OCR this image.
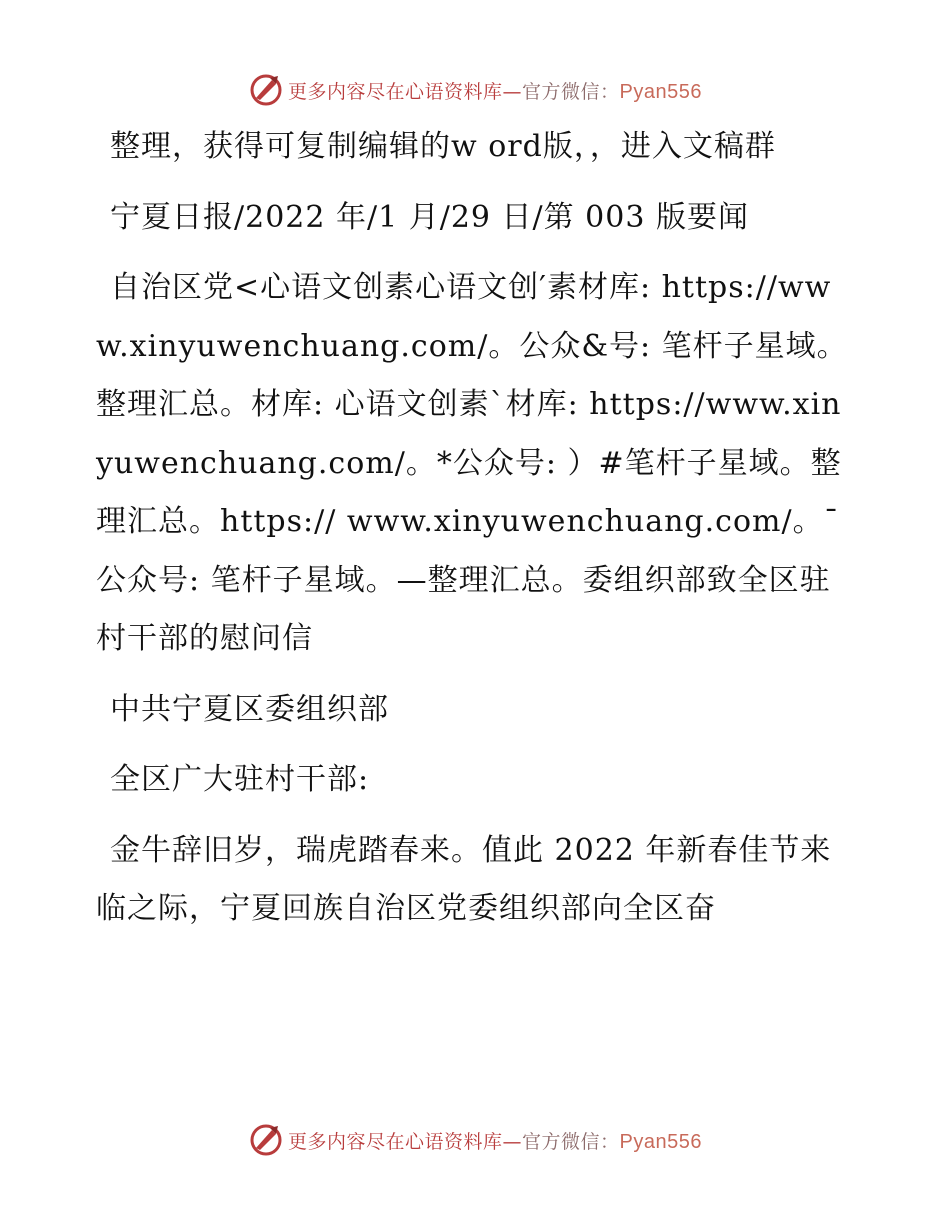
更多内容尽在心语资料库—官方微信：Pyan556

整理，获得可复制编辑的w ord版，，进入文稿群

宁夏日报/2022 年/1 月/29 日/第 003 版要闻

自治区党<心语文创素心语文创′素材库: https://www.xinyuwenchuang.com/。公众&号: 笔杆子星域。整理汇总。材库: 心语文创素`材库: https://www.xinyuwenchuang.com/。*公众号: ）#笔杆子星域。整理汇总。https:// www.xinyuwenchuang.com/。¯公众号: 笔杆子星域。—整理汇总。委组织部致全区驻村干部的慰问信

中共宁夏区委组织部

全区广大驻村干部:

金牛辞旧岁，瑞虎踏春来。值此 2022 年新春佳节来临之际，宁夏回族自治区党委组织部向全区奋

更多内容尽在心语资料库—官方微信：Pyan556
